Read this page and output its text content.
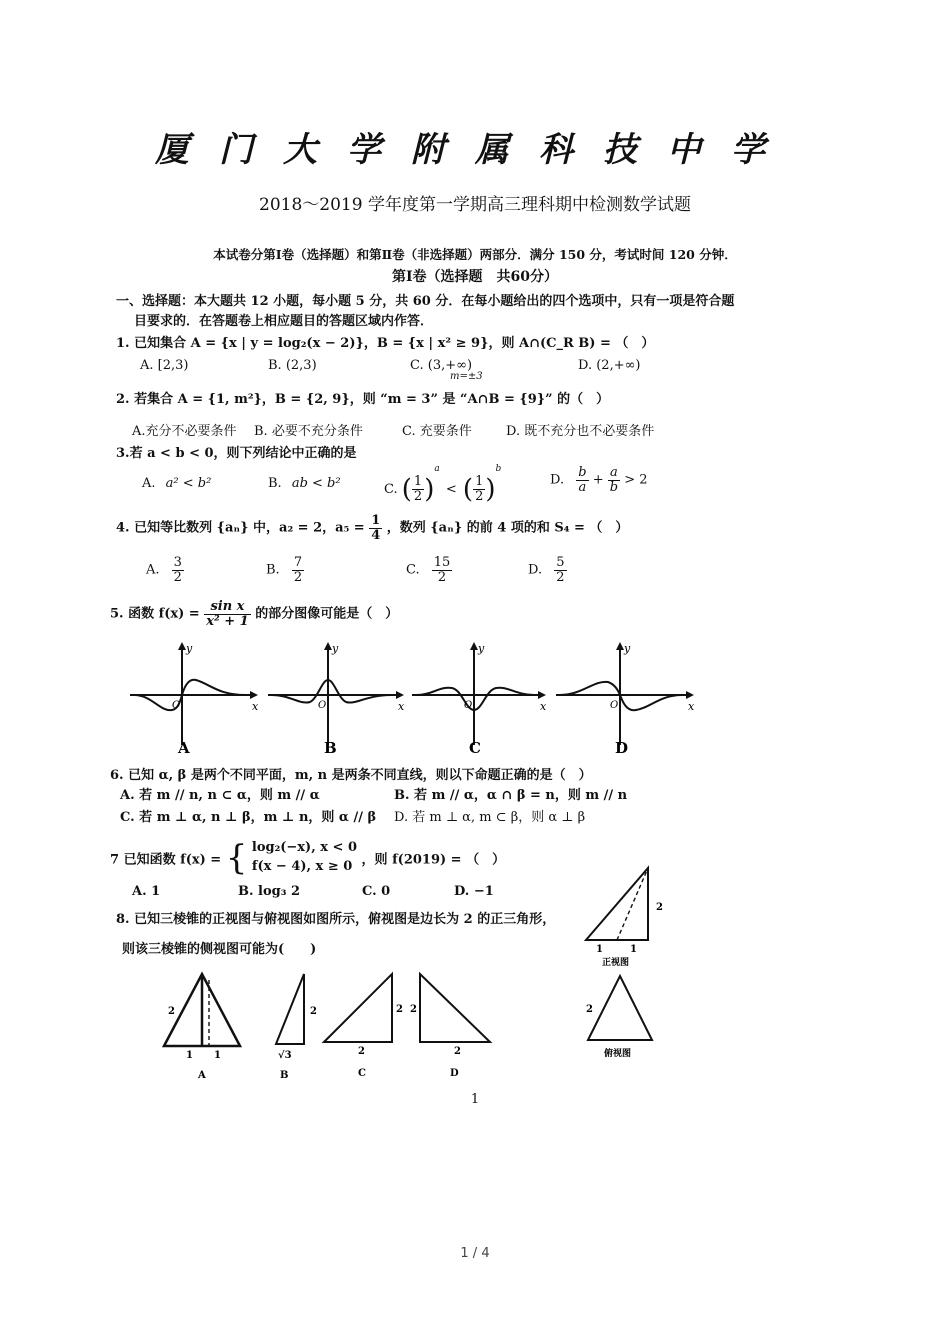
厦门大学附属科技中学
2018～2019 学年度第一学期高三理科期中检测数学试题
本试卷分第Ⅰ卷（选择题）和第Ⅱ卷（非选择题）两部分．满分 150 分，考试时间 120 分钟．
第Ⅰ卷（选择题　共60分）
一、选择题：本大题共 12 小题，每小题 5 分，共 60 分．在每小题给出的四个选项中，只有一项是符合题
目要求的．在答题卷上相应题目的答题区域内作答．
1. 已知集合 A = {x | y = log₂(x − 2)}，B = {x | x² ≥ 9}，则 A∩(C_R B) = （　）
A. [2,3)	B. (2,3)	C. (3,+∞)	D. (2,+∞)
m=±3
2. 若集合 A = {1, m²}，B = {2, 9}，则 “m = 3” 是 “A∩B = {9}” 的（　）
A.充分不必要条件 B. 必要不充分条件	C. 充要条件	D. 既不充分也不必要条件
3.若 a < b < 0，则下列结论中正确的是
A. a² < b²	B. ab < b²	C. ( $\frac{1}{2} )^a$ < ( $\frac{1}{2} )^b$
D. $\frac{b}{a} + \frac{a}{b} > 2$
4. 已知等比数列 {aₙ} 中，a₂ = 2，$a_5 = \frac{1}{4}$ ，数列 {aₙ} 的前 4 项的和 S₄ = （　）
A. $\frac{3}{2}$	B. $\frac{7}{2}$	C. $\frac{15}{2}$	D. $\frac{5}{2}$
5. 函数 $f(x) = \frac{\text{sin x}}{\text{x² + 1}}$ 的部分图像可能是（　）
y
x
O
A
y
x
O
B
y
x
O
C
y
x
O
D
6. 已知 α, β 是两个不同平面，m, n 是两条不同直线，则以下命题正确的是（　）
A. 若 m // n, n ⊂ α，则 m // α	B. 若 m // α，α ∩ β = n，则 m // n
C. 若 m ⊥ α, n ⊥ β，m ⊥ n，则 α // β D. 若 m ⊥ α, m ⊂ β，则 α ⊥ β
7 已知函数 f(x) = { log₂(−x), x < 0
f(x − 4), x ≥ 0 ，则 f(2019) = （　）
A. 1	B. log₃ 2	C. 0	D. −1
8. 已知三棱锥的正视图与俯视图如图所示，俯视图是边长为 2 的正三角形，
则该三棱锥的侧视图可能为(　　)
2
1	1
正视图
2
俯视图
2
1 1
A
2
√3
B
2
2
C
2
2
D
1
1 / 4
